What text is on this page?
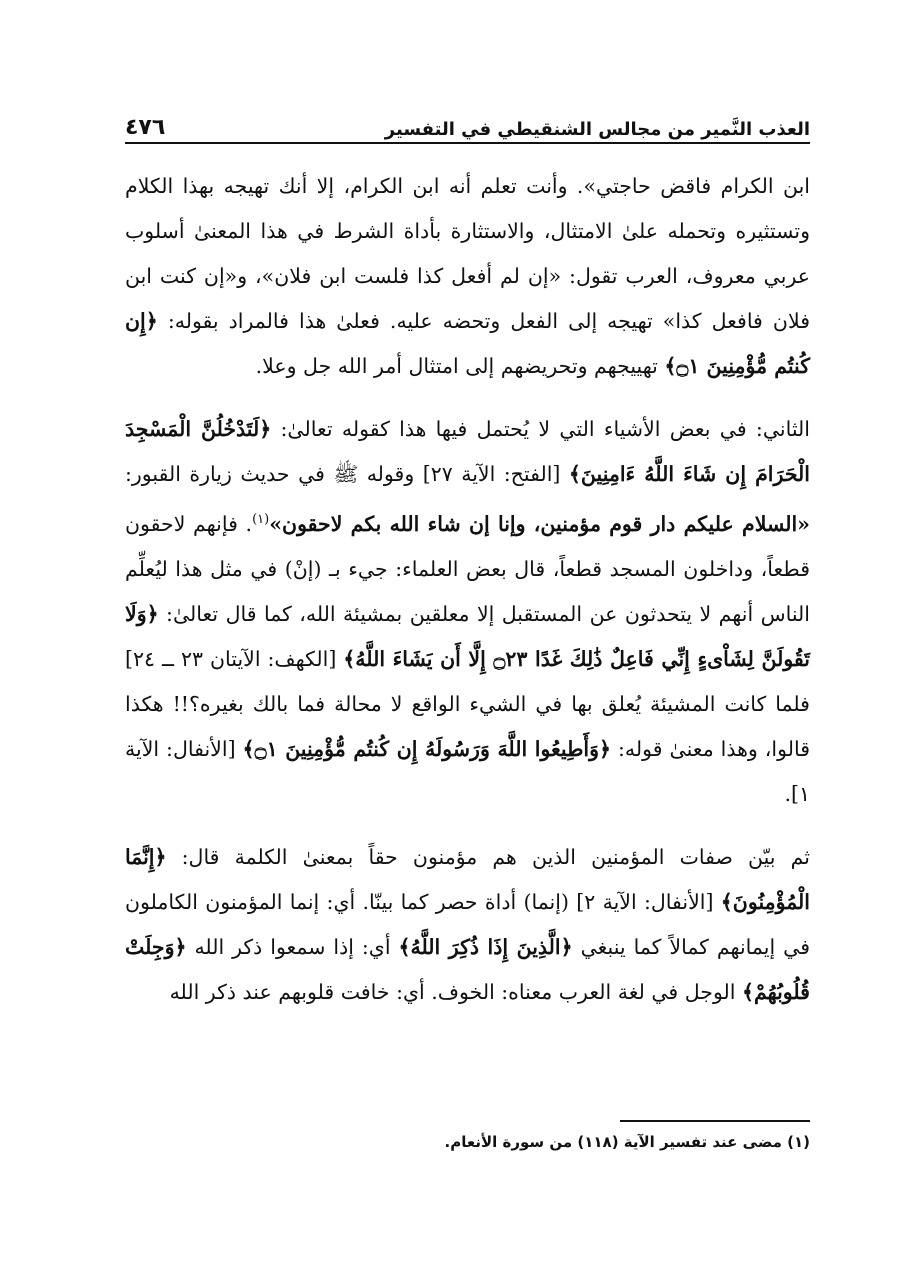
العذب النَّمير من مجالس الشنقيطي في التفسير
٤٧٦

ابن الكرام فاقض حاجتي». وأنت تعلم أنه ابن الكرام، إلا أنك تهيجه بهذا الكلام وتستثيره وتحمله علىٰ الامتثال، والاستثارة بأداة الشرط في هذا المعنىٰ أسلوب عربي معروف، العرب تقول: «إن لم أفعل كذا فلست ابن فلان»، و«إن كنت ابن فلان فافعل كذا» تهيجه إلى الفعل وتحضه عليه. فعلىٰ هذا فالمراد بقوله: ﴿إِن كُنتُم مُّؤْمِنِينَ ۝١﴾ تهييجهم وتحريضهم إلى امتثال أمر الله جل وعلا.

الثاني: في بعض الأشياء التي لا يُحتمل فيها هذا كقوله تعالىٰ: ﴿لَتَدْخُلُنَّ الْمَسْجِدَ الْحَرَامَ إِن شَاءَ اللَّهُ ءَامِنِينَ﴾ [الفتح: الآية ٢٧] وقوله ﷺ في حديث زيارة القبور: «السلام عليكم دار قوم مؤمنين، وإنا إن شاء الله بكم لاحقون»$^{(١)}$. فإنهم لاحقون قطعاً، وداخلون المسجد قطعاً، قال بعض العلماء: جيء بـ (إنْ) في مثل هذا ليُعلِّم الناس أنهم لا يتحدثون عن المستقبل إلا معلقين بمشيئة الله، كما قال تعالىٰ: ﴿وَلَا تَقُولَنَّ لِشَاْىءٍ إِنِّي فَاعِلٌ ذَٰلِكَ غَدًا ۝٢٣ إِلَّا أَن يَشَاءَ اللَّهُ﴾ [الكهف: الآيتان ٢٣ ــ ٢٤] فلما كانت المشيئة يُعلق بها في الشيء الواقع لا محالة فما بالك بغيره؟!! هكذا قالوا، وهذا معنىٰ قوله: ﴿وَأَطِيعُوا اللَّهَ وَرَسُولَهُ إِن كُنتُم مُّؤْمِنِينَ ۝١﴾ [الأنفال: الآية ١].

ثم بيّن صفات المؤمنين الذين هم مؤمنون حقاً بمعنىٰ الكلمة قال: ﴿إِنَّمَا الْمُؤْمِنُونَ﴾ [الأنفال: الآية ٢] (إنما) أداة حصر كما بينّا. أي: إنما المؤمنون الكاملون في إيمانهم كمالاً كما ينبغي ﴿الَّذِينَ إِذَا ذُكِرَ اللَّهُ﴾ أي: إذا سمعوا ذكر الله ﴿وَجِلَتْ قُلُوبُهُمْ﴾ الوجل في لغة العرب معناه: الخوف. أي: خافت قلوبهم عند ذكر الله

(١) مضى عند تفسير الآية (١١٨) من سورة الأنعام.
